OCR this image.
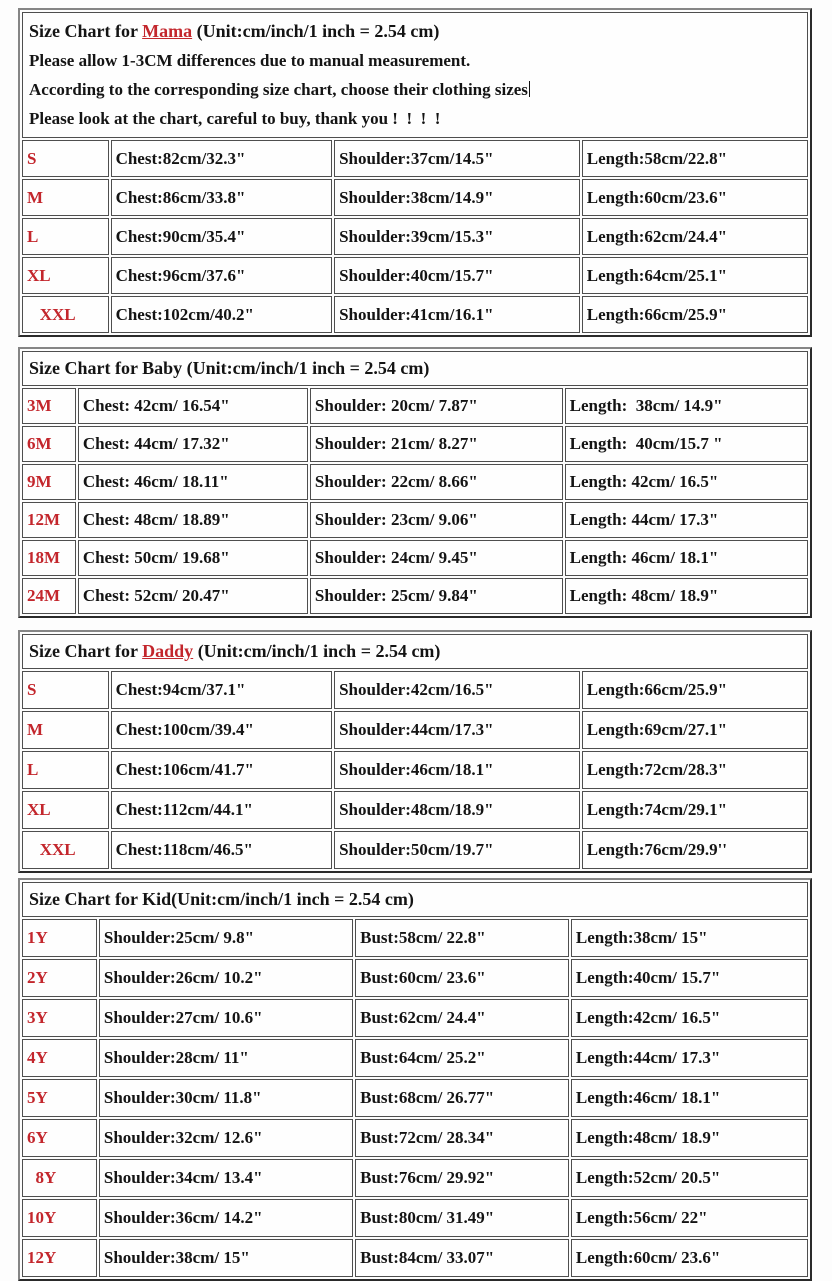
Size Chart for Mama (Unit:cm/inch/1 inch = 2.54 cm)
Please allow 1-3CM differences due to manual measurement.
According to the corresponding size chart, choose their clothing sizes
Please look at the chart, careful to buy, thank you !  !  !  !			

S	Chest:82cm/32.3"	Shoulder:37cm/14.5"	Length:58cm/22.8"
M	Chest:86cm/33.8"	Shoulder:38cm/14.9"	Length:60cm/23.6"
L	Chest:90cm/35.4"	Shoulder:39cm/15.3"	Length:62cm/24.4"
XL	Chest:96cm/37.6"	Shoulder:40cm/15.7"	Length:64cm/25.1"
XXL	Chest:102cm/40.2"	Shoulder:41cm/16.1"	Length:66cm/25.9"
Size Chart for Baby (Unit:cm/inch/1 inch = 2.54 cm)			

3M	Chest: 42cm/ 16.54"	Shoulder: 20cm/ 7.87"	Length:  38cm/ 14.9"
6M	Chest: 44cm/ 17.32"	Shoulder: 21cm/ 8.27"	Length:  40cm/15.7 "
9M	Chest: 46cm/ 18.11"	Shoulder: 22cm/ 8.66"	Length: 42cm/ 16.5"
12M	Chest: 48cm/ 18.89"	Shoulder: 23cm/ 9.06"	Length: 44cm/ 17.3"
18M	Chest: 50cm/ 19.68"	Shoulder: 24cm/ 9.45"	Length: 46cm/ 18.1"
24M	Chest: 52cm/ 20.47"	Shoulder: 25cm/ 9.84"	Length: 48cm/ 18.9"
Size Chart for Daddy (Unit:cm/inch/1 inch = 2.54 cm)			

S	Chest:94cm/37.1"	Shoulder:42cm/16.5"	Length:66cm/25.9"
M	Chest:100cm/39.4"	Shoulder:44cm/17.3"	Length:69cm/27.1"
L	Chest:106cm/41.7"	Shoulder:46cm/18.1"	Length:72cm/28.3"
XL	Chest:112cm/44.1"	Shoulder:48cm/18.9"	Length:74cm/29.1"
XXL	Chest:118cm/46.5"	Shoulder:50cm/19.7"	Length:76cm/29.9''
Size Chart for Kid(Unit:cm/inch/1 inch = 2.54 cm)			

1Y	Shoulder:25cm/ 9.8"	Bust:58cm/ 22.8"	Length:38cm/ 15"
2Y	Shoulder:26cm/ 10.2"	Bust:60cm/ 23.6"	Length:40cm/ 15.7"
3Y	Shoulder:27cm/ 10.6"	Bust:62cm/ 24.4"	Length:42cm/ 16.5"
4Y	Shoulder:28cm/ 11"	Bust:64cm/ 25.2"	Length:44cm/ 17.3"
5Y	Shoulder:30cm/ 11.8"	Bust:68cm/ 26.77"	Length:46cm/ 18.1"
6Y	Shoulder:32cm/ 12.6"	Bust:72cm/ 28.34"	Length:48cm/ 18.9"
8Y	Shoulder:34cm/ 13.4"	Bust:76cm/ 29.92"	Length:52cm/ 20.5"
10Y	Shoulder:36cm/ 14.2"	Bust:80cm/ 31.49"	Length:56cm/ 22"
12Y	Shoulder:38cm/ 15"	Bust:84cm/ 33.07"	Length:60cm/ 23.6"
